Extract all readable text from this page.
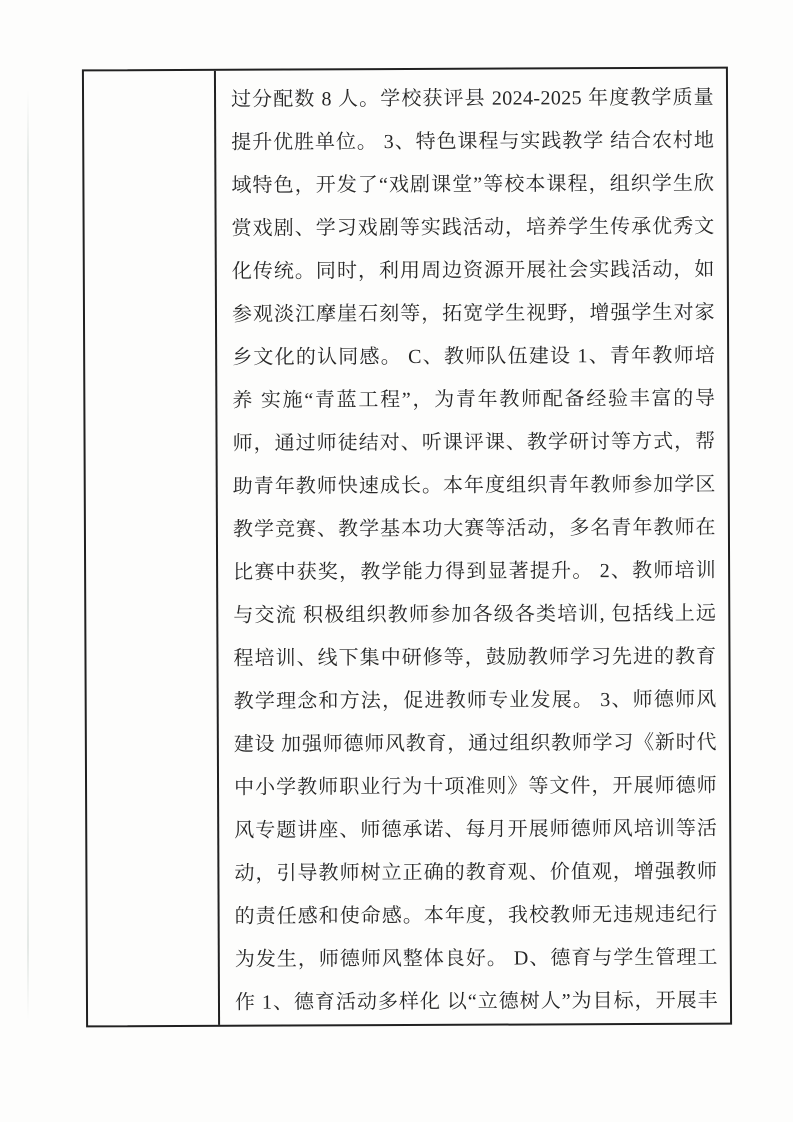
过分配数 8 人。学校获评县 2024-2025 年度教学质量
提升优胜单位。 3、特色课程与实践教学 结合农村地
域特色，开发了“戏剧课堂”等校本课程，组织学生欣
赏戏剧、学习戏剧等实践活动，培养学生传承优秀文
化传统。同时，利用周边资源开展社会实践活动，如
参观淡江摩崖石刻等，拓宽学生视野，增强学生对家
乡文化的认同感。 C、教师队伍建设 1、青年教师培
养 实施“青蓝工程”，为青年教师配备经验丰富的导
师，通过师徒结对、听课评课、教学研讨等方式，帮
助青年教师快速成长。本年度组织青年教师参加学区
教学竞赛、教学基本功大赛等活动，多名青年教师在
比赛中获奖，教学能力得到显著提升。 2、教师培训
与交流 积极组织教师参加各级各类培训, 包括线上远
程培训、线下集中研修等，鼓励教师学习先进的教育
教学理念和方法，促进教师专业发展。 3、师德师风
建设 加强师德师风教育，通过组织教师学习《新时代
中小学教师职业行为十项准则》等文件，开展师德师
风专题讲座、师德承诺、每月开展师德师风培训等活
动，引导教师树立正确的教育观、价值观，增强教师
的责任感和使命感。本年度，我校教师无违规违纪行
为发生，师德师风整体良好。 D、德育与学生管理工
作 1、德育活动多样化 以“立德树人”为目标，开展丰
